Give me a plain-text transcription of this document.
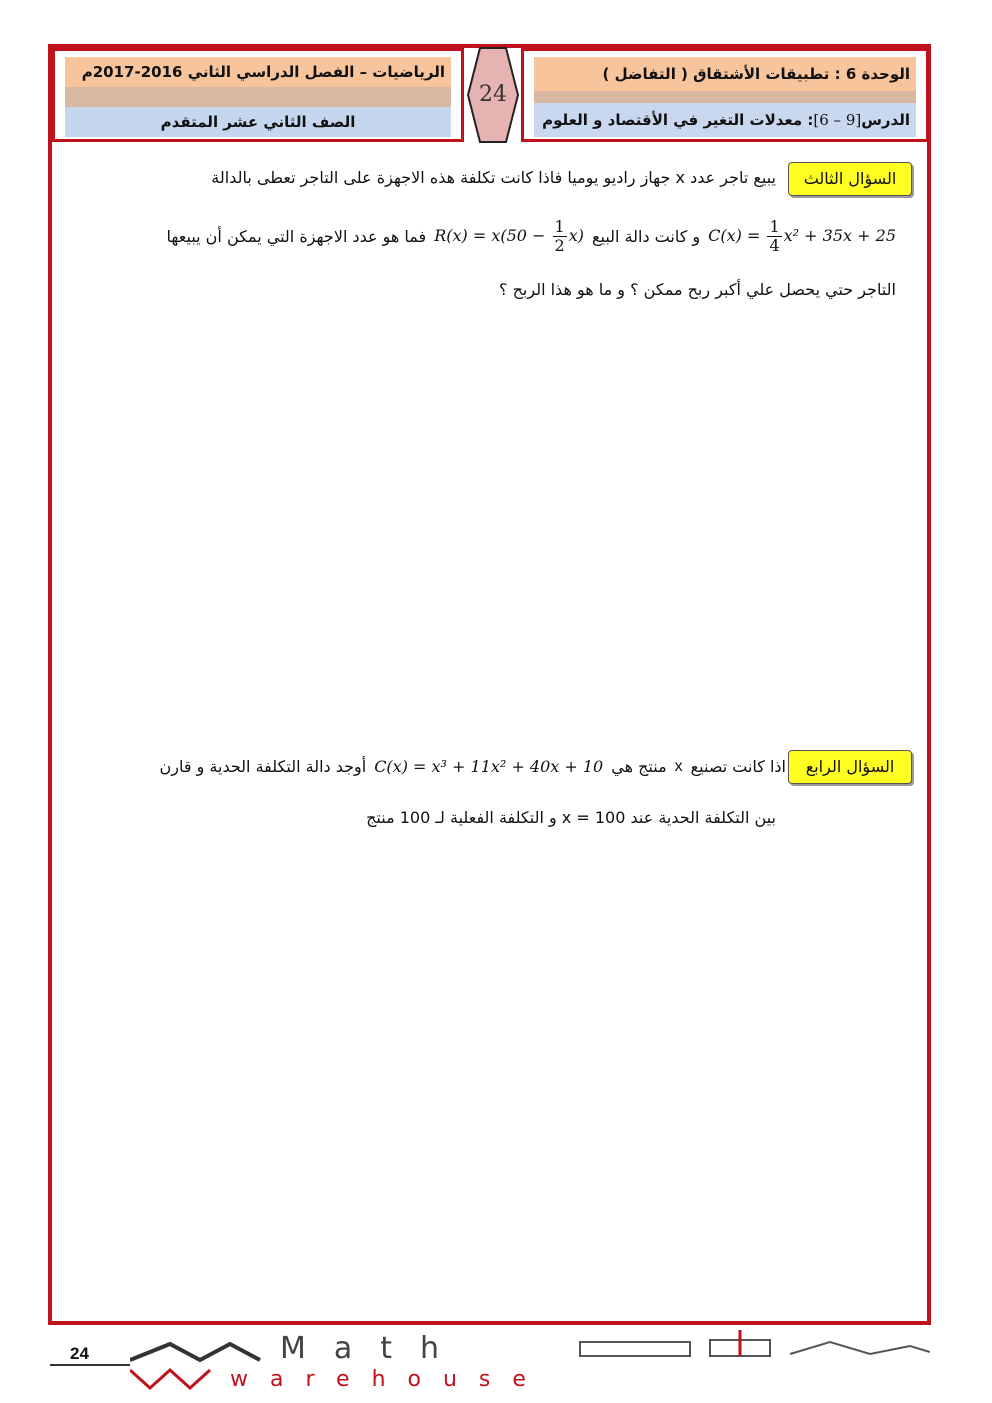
الرياضيات – الفصل الدراسي الثاني 2016-2017م
الصف الثاني عشر المتقدم
24
الوحدة 6 : تطبيقات الأشتقاق ( التفاضل )
الدرس
[6 – 9]
: معدلات التغير في الأقتصاد و العلوم
السؤال الثالث
يبيع تاجر عدد x جهاز راديو يوميا فاذا كانت تكلفة هذه الاجهزة على التاجر تعطى بالدالة
$C(x) = \frac{1}{4} x^2 + 35x + 25$
و كانت دالة البيع
$R(x) = x(50 - \frac{1}{2} x)$
فما هو عدد الاجهزة التي يمكن أن يبيعها
التاجر حتي يحصل علي أكبر ربح ممكن ؟ و ما هو هذا الربح ؟
السؤال الرابع
اذا كانت تصنيع
x
منتج هي
C(x) = x³ + 11x² + 40x + 10
أوجد دالة التكلفة الحدية و قارن
بين التكلفة الحدية عند x = 100 و التكلفة الفعلية لـ 100 منتج
24	Math
warehouse
